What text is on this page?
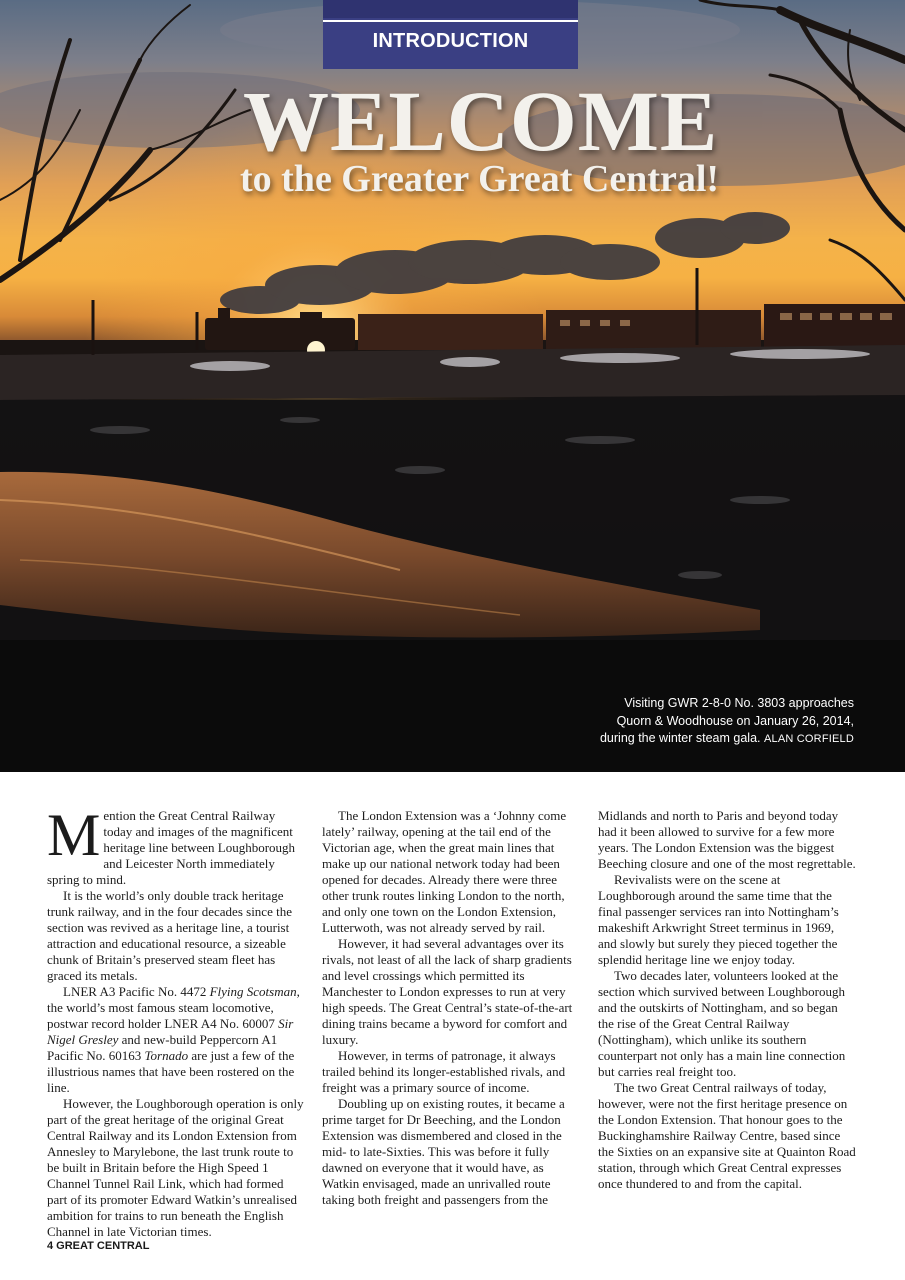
INTRODUCTION
WELCOME
to the Greater Great Central!
Visiting GWR 2-8-0 No. 3803 approaches
Quorn & Woodhouse on January 26, 2014,
during the winter steam gala. ALAN CORFIELD

Mention the Great Central Railway today and images of the magnificent heritage line between Loughborough and Leicester North immediately spring to mind.

It is the world’s only double track heritage trunk railway, and in the four decades since the section was revived as a heritage line, a tourist attraction and educational resource, a sizeable chunk of Britain’s preserved steam fleet has graced its metals.

LNER A3 Pacific No. 4472 Flying Scotsman, the world’s most famous steam locomotive, postwar record holder LNER A4 No. 60007 Sir Nigel Gresley and new-build Peppercorn A1 Pacific No. 60163 Tornado are just a few of the illustrious names that have been rostered on the line.

However, the Loughborough operation is only part of the great heritage of the original Great Central Railway and its London Extension from Annesley to Marylebone, the last trunk route to be built in Britain before the High Speed 1 Channel Tunnel Rail Link, which had formed part of its promoter Edward Watkin’s unrealised ambition for trains to run beneath the English Channel in late Victorian times.

The London Extension was a ‘Johnny come lately’ railway, opening at the tail end of the Victorian age, when the great main lines that make up our national network today had been opened for decades. Already there were three other trunk routes linking London to the north, and only one town on the London Extension, Lutterwoth, was not already served by rail.

However, it had several advantages over its rivals, not least of all the lack of sharp gradients and level crossings which permitted its Manchester to London expresses to run at very high speeds. The Great Central’s state-of-the-art dining trains became a byword for comfort and luxury.

However, in terms of patronage, it always trailed behind its longer-established rivals, and freight was a primary source of income.

Doubling up on existing routes, it became a prime target for Dr Beeching, and the London Extension was dismembered and closed in the mid- to late-Sixties. This was before it fully dawned on everyone that it would have, as Watkin envisaged, made an unrivalled route taking both freight and passengers from the

Midlands and north to Paris and beyond today had it been allowed to survive for a few more years. The London Extension was the biggest Beeching closure and one of the most regrettable.

Revivalists were on the scene at Loughborough around the same time that the final passenger services ran into Nottingham’s makeshift Arkwright Street terminus in 1969, and slowly but surely they pieced together the splendid heritage line we enjoy today.

Two decades later, volunteers looked at the section which survived between Loughborough and the outskirts of Nottingham, and so began the rise of the Great Central Railway (Nottingham), which unlike its southern counterpart not only has a main line connection but carries real freight too.

The two Great Central railways of today, however, were not the first heritage presence on the London Extension. That honour goes to the Buckinghamshire Railway Centre, based since the Sixties on an expansive site at Quainton Road station, through which Great Central expresses once thundered to and from the capital.

4 GREAT CENTRAL
